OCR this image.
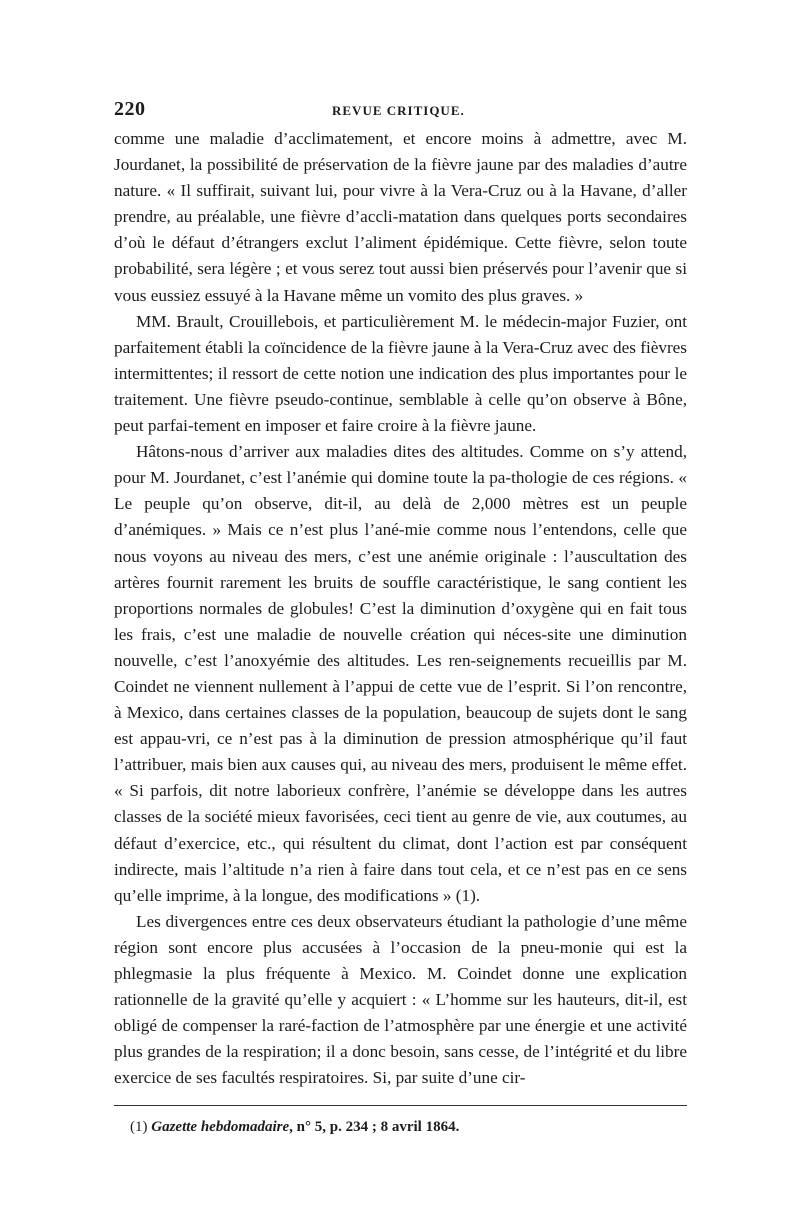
220	REVUE CRITIQUE.

comme une maladie d’acclimatement, et encore moins à admettre, avec M. Jourdanet, la possibilité de préservation de la fièvre jaune par des maladies d’autre nature. « Il suffirait, suivant lui, pour vivre à la Vera-Cruz ou à la Havane, d’aller prendre, au préalable, une fièvre d’accli-matation dans quelques ports secondaires d’où le défaut d’étrangers exclut l’aliment épidémique. Cette fièvre, selon toute probabilité, sera légère ; et vous serez tout aussi bien préservés pour l’avenir que si vous eussiez essuyé à la Havane même un vomito des plus graves. »

MM. Brault, Crouillebois, et particulièrement M. le médecin-major Fuzier, ont parfaitement établi la coïncidence de la fièvre jaune à la Vera-Cruz avec des fièvres intermittentes; il ressort de cette notion une indication des plus importantes pour le traitement. Une fièvre pseudo-continue, semblable à celle qu’on observe à Bône, peut parfai-tement en imposer et faire croire à la fièvre jaune.

Hâtons-nous d’arriver aux maladies dites des altitudes. Comme on s’y attend, pour M. Jourdanet, c’est l’anémie qui domine toute la pa-thologie de ces régions. « Le peuple qu’on observe, dit-il, au delà de 2,000 mètres est un peuple d’anémiques. » Mais ce n’est plus l’ané-mie comme nous l’entendons, celle que nous voyons au niveau des mers, c’est une anémie originale : l’auscultation des artères fournit rarement les bruits de souffle caractéristique, le sang contient les proportions normales de globules! C’est la diminution d’oxygène qui en fait tous les frais, c’est une maladie de nouvelle création qui néces-site une diminution nouvelle, c’est l’anoxyémie des altitudes. Les ren-seignements recueillis par M. Coindet ne viennent nullement à l’appui de cette vue de l’esprit. Si l’on rencontre, à Mexico, dans certaines classes de la population, beaucoup de sujets dont le sang est appau-vri, ce n’est pas à la diminution de pression atmosphérique qu’il faut l’attribuer, mais bien aux causes qui, au niveau des mers, produisent le même effet. « Si parfois, dit notre laborieux confrère, l’anémie se développe dans les autres classes de la société mieux favorisées, ceci tient au genre de vie, aux coutumes, au défaut d’exercice, etc., qui résultent du climat, dont l’action est par conséquent indirecte, mais l’altitude n’a rien à faire dans tout cela, et ce n’est pas en ce sens qu’elle imprime, à la longue, des modifications » (1).

Les divergences entre ces deux observateurs étudiant la pathologie d’une même région sont encore plus accusées à l’occasion de la pneu-monie qui est la phlegmasie la plus fréquente à Mexico. M. Coindet donne une explication rationnelle de la gravité qu’elle y acquiert : « L’homme sur les hauteurs, dit-il, est obligé de compenser la raré-faction de l’atmosphère par une énergie et une activité plus grandes de la respiration; il a donc besoin, sans cesse, de l’intégrité et du libre exercice de ses facultés respiratoires. Si, par suite d’une cir-

(1) Gazette hebdomadaire, n° 5, p. 234 ; 8 avril 1864.
